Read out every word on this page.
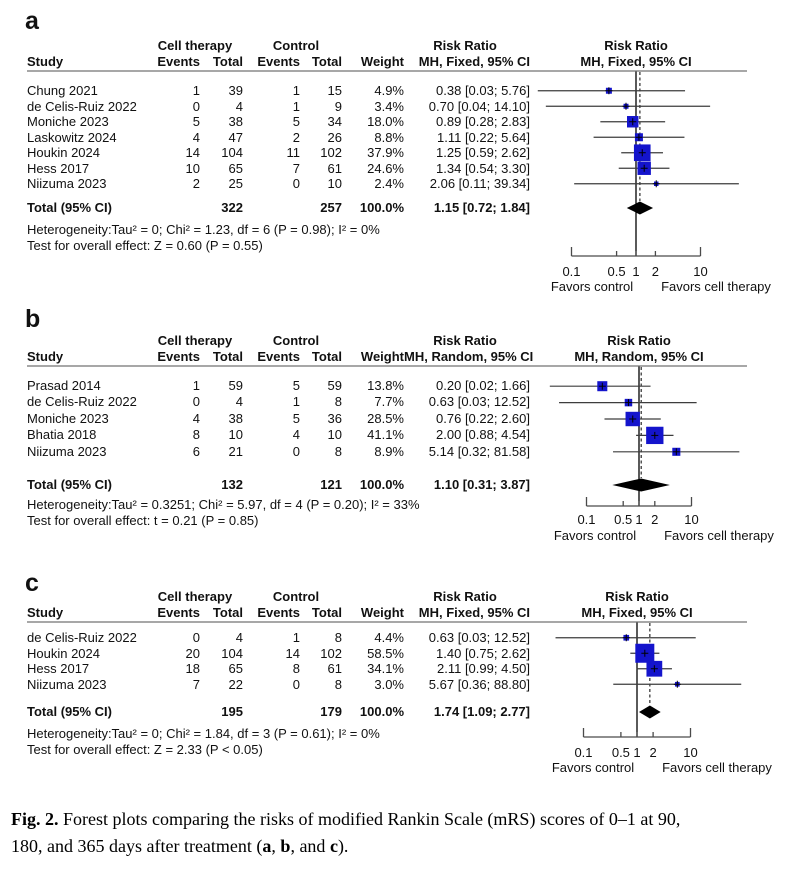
a
Cell therapy	Control	Risk Ratio	Risk Ratio
MH, Fixed, 95% CI
Study	Events Total	Events Total	Weight	MH, Fixed, 95% CI
Chung 2021	1	39	1	15	4.9%	0.38 [0.03; 5.76]
de Celis-Ruiz 2022	0	4	1	9	3.4%	0.70 [0.04; 14.10]
Moniche 2023	5	38	5	34	18.0%	0.89 [0.28; 2.83]
Laskowitz 2024	4	47	2	26	8.8%	1.11 [0.22; 5.64]
Houkin 2024	14	104	11	102	37.9%	1.25 [0.59; 2.62]
Hess 2017	10	65	7	61	24.6%	1.34 [0.54; 3.30]
Niizuma 2023	2	25	0	10	2.4%	2.06 [0.11; 39.34]
Total (95% CI)	322	257	100.0%	1.15 [0.72; 1.84]
Heterogeneity:Tau² = 0; Chi² = 1.23, df = 6 (P = 0.98); I² = 0%
Test for overall effect: Z = 0.60 (P = 0.55)
0.1 0.5 1 2	10
Favors control Favors cell therapy
b
Cell therapy	Control	Risk Ratio	Risk Ratio
MH, Random, 95% CI
Study	Events Total	Events Total	Weight MH, Random, 95% CI
Prasad 2014	1	59	5	59	13.8%	0.20 [0.02; 1.66]
de Celis-Ruiz 2022	0	4	1	8	7.7%	0.63 [0.03; 12.52]
Moniche 2023	4	38	5	36	28.5%	0.76 [0.22; 2.60]
Bhatia 2018	8	10	4	10	41.1%	2.00 [0.88; 4.54]
Niizuma 2023	6	21	0	8	8.9%	5.14 [0.32; 81.58]
Total (95% CI)	132	121	100.0%	1.10 [0.31; 3.87]
Heterogeneity:Tau² = 0.3251; Chi² = 5.97, df = 4 (P = 0.20); I² = 33%
Test for overall effect: t = 0.21 (P = 0.85)	0.1 0.5 1 2 10
Favors control Favors cell therapy
c	Cell therapy	Control	Risk Ratio	Risk Ratio
MH, Fixed, 95% CI
Study	Events Total	Events Total	Weight	MH, Fixed, 95% CI
de Celis-Ruiz 2022	0	4	1	8	4.4%	0.63 [0.03; 12.52]
Houkin 2024	20	104	14	102	58.5%	1.40 [0.75; 2.62]
Hess 2017	18	65	8	61	34.1%	2.11 [0.99; 4.50]
Niizuma 2023	7	22	0	8	3.0%	5.67 [0.36; 88.80]
Total (95% CI)	195	179	100.0%	1.74 [1.09; 2.77]
Heterogeneity:Tau² = 0; Chi² = 1.84, df = 3 (P = 0.61); I² = 0%
Test for overall effect: Z = 2.33 (P < 0.05)	0.1 0.5 1 2 10
Favors control Favors cell therapy

Fig. 2. Forest plots comparing the risks of modified Rankin Scale (mRS) scores of 0–1 at 90,
180, and 365 days after treatment (a, b, and c).
